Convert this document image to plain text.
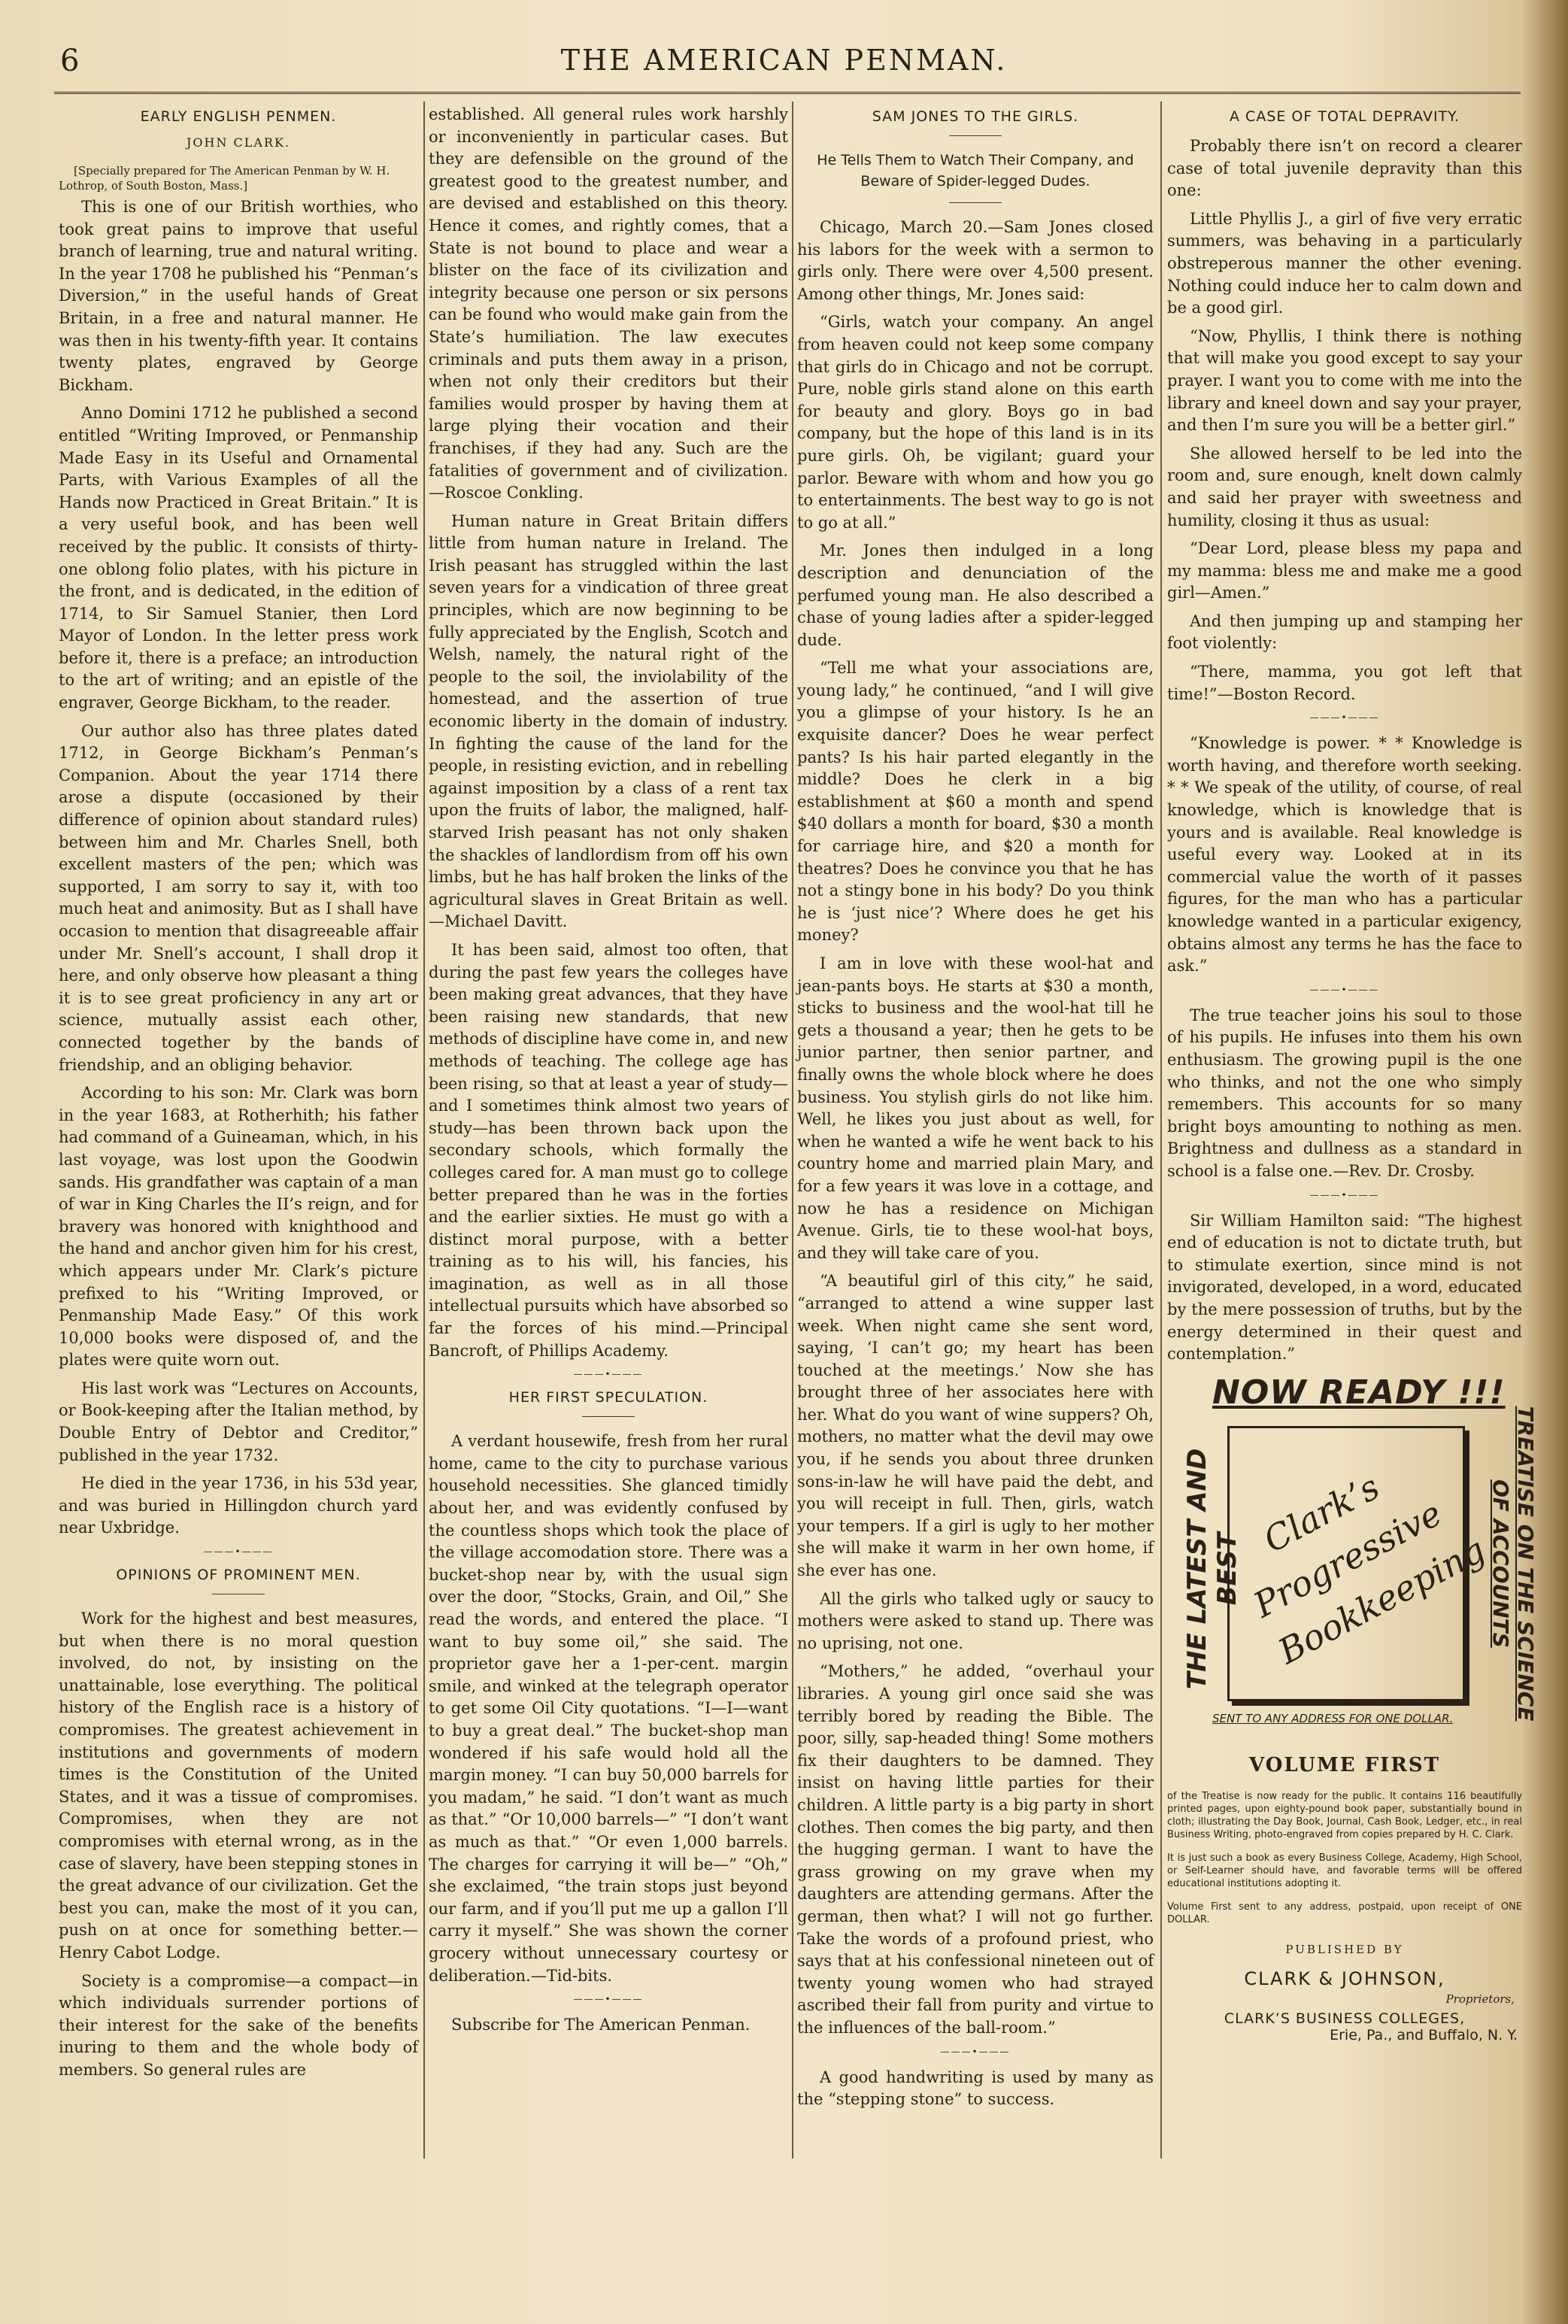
6	THE AMERICAN PENMAN.
EARLY ENGLISH PENMEN.
JOHN CLARK.

[Specially prepared for The American Penman by W. H. Lothrop, of South Boston, Mass.]

This is one of our British worthies, who took great pains to improve that useful branch of learning, true and natural writing. In the year 1708 he published his “Penman’s Diversion,” in the useful hands of Great Britain, in a free and natural manner. He was then in his twenty-fifth year. It contains twenty plates, engraved by George Bickham.

Anno Domini 1712 he published a second entitled “Writing Improved, or Penmanship Made Easy in its Useful and Ornamental Parts, with Various Examples of all the Hands now Practiced in Great Britain.” It is a very useful book, and has been well received by the public. It consists of thirty-one oblong folio plates, with his picture in the front, and is dedicated, in the edition of 1714, to Sir Samuel Stanier, then Lord Mayor of London. In the letter press work before it, there is a preface; an introduction to the art of writing; and an epistle of the engraver, George Bickham, to the reader.

Our author also has three plates dated 1712, in George Bickham’s Penman’s Companion. About the year 1714 there arose a dispute (occasioned by their difference of opinion about standard rules) between him and Mr. Charles Snell, both excellent masters of the pen; which was supported, I am sorry to say it, with too much heat and animosity. But as I shall have occasion to mention that disagreeable affair under Mr. Snell’s account, I shall drop it here, and only observe how pleasant a thing it is to see great proficiency in any art or science, mutually assist each other, connected together by the bands of friendship, and an obliging behavior.

According to his son: Mr. Clark was born in the year 1683, at Rotherhith; his father had command of a Guineaman, which, in his last voyage, was lost upon the Goodwin sands. His grandfather was captain of a man of war in King Charles the II’s reign, and for bravery was honored with knighthood and the hand and anchor given him for his crest, which appears under Mr. Clark’s picture prefixed to his “Writing Improved, or Penmanship Made Easy.” Of this work 10,000 books were disposed of, and the plates were quite worn out.

His last work was “Lectures on Accounts, or Book-keeping after the Italian method, by Double Entry of Debtor and Creditor,” published in the year 1732.

He died in the year 1736, in his 53d year, and was buried in Hillingdon church yard near Uxbridge.

———•———
OPINIONS OF PROMINENT MEN.

Work for the highest and best measures, but when there is no moral question involved, do not, by insisting on the unattainable, lose everything. The political history of the English race is a history of compromises. The greatest achievement in institutions and governments of modern times is the Constitution of the United States, and it was a tissue of compromises. Compromises, when they are not compromises with eternal wrong, as in the case of slavery, have been stepping stones in the great advance of our civilization. Get the best you can, make the most of it you can, push on at once for something better.—Henry Cabot Lodge.

Society is a compromise—a compact—in which individuals surrender portions of their interest for the sake of the benefits inuring to them and the whole body of members. So general rules are

established. All general rules work harshly or inconveniently in particular cases. But they are defensible on the ground of the greatest good to the greatest number, and are devised and established on this theory. Hence it comes, and rightly comes, that a State is not bound to place and wear a blister on the face of its civilization and integrity because one person or six persons can be found who would make gain from the State’s humiliation. The law executes criminals and puts them away in a prison, when not only their creditors but their families would prosper by having them at large plying their vocation and their franchises, if they had any. Such are the fatalities of government and of civilization.—Roscoe Conkling.

Human nature in Great Britain differs little from human nature in Ireland. The Irish peasant has struggled within the last seven years for a vindication of three great principles, which are now beginning to be fully appreciated by the English, Scotch and Welsh, namely, the natural right of the people to the soil, the inviolability of the homestead, and the assertion of true economic liberty in the domain of industry. In fighting the cause of the land for the people, in resisting eviction, and in rebelling against imposition by a class of a rent tax upon the fruits of labor, the maligned, half-starved Irish peasant has not only shaken the shackles of landlordism from off his own limbs, but he has half broken the links of the agricultural slaves in Great Britain as well.—Michael Davitt.

It has been said, almost too often, that during the past few years the colleges have been making great advances, that they have been raising new standards, that new methods of discipline have come in, and new methods of teaching. The college age has been rising, so that at least a year of study—and I sometimes think almost two years of study—has been thrown back upon the secondary schools, which formally the colleges cared for. A man must go to college better prepared than he was in the forties and the earlier sixties. He must go with a distinct moral purpose, with a better training as to his will, his fancies, his imagination, as well as in all those intellectual pursuits which have absorbed so far the forces of his mind.—Principal Bancroft, of Phillips Academy.

———•———
HER FIRST SPECULATION.

A verdant housewife, fresh from her rural home, came to the city to purchase various household necessities. She glanced timidly about her, and was evidently confused by the countless shops which took the place of the village accomodation store. There was a bucket-shop near by, with the usual sign over the door, “Stocks, Grain, and Oil,” She read the words, and entered the place. “I want to buy some oil,” she said. The proprietor gave her a 1-per-cent. margin smile, and winked at the telegraph operator to get some Oil City quotations. “I—I—want to buy a great deal.” The bucket-shop man wondered if his safe would hold all the margin money. “I can buy 50,000 barrels for you madam,” he said. “I don’t want as much as that.” “Or 10,000 barrels—” “I don’t want as much as that.” “Or even 1,000 barrels. The charges for carrying it will be—” “Oh,” she exclaimed, “the train stops just beyond our farm, and if you’ll put me up a gallon I’ll carry it myself.” She was shown the corner grocery without unnecessary courtesy or deliberation.—Tid-bits.

———•———

Subscribe for The American Penman.

SAM JONES TO THE GIRLS.
He Tells Them to Watch Their Company, and Beware of Spider-legged Dudes.

Chicago, March 20.—Sam Jones closed his labors for the week with a sermon to girls only. There were over 4,500 present. Among other things, Mr. Jones said:

“Girls, watch your company. An angel from heaven could not keep some company that girls do in Chicago and not be corrupt. Pure, noble girls stand alone on this earth for beauty and glory. Boys go in bad company, but the hope of this land is in its pure girls. Oh, be vigilant; guard your parlor. Beware with whom and how you go to entertainments. The best way to go is not to go at all.”

Mr. Jones then indulged in a long description and denunciation of the perfumed young man. He also described a chase of young ladies after a spider-legged dude.

“Tell me what your associations are, young lady,” he continued, “and I will give you a glimpse of your history. Is he an exquisite dancer? Does he wear perfect pants? Is his hair parted elegantly in the middle? Does he clerk in a big establishment at $60 a month and spend $40 dollars a month for board, $30 a month for carriage hire, and $20 a month for theatres? Does he convince you that he has not a stingy bone in his body? Do you think he is ‘just nice’? Where does he get his money?

I am in love with these wool-hat and jean-pants boys. He starts at $30 a month, sticks to business and the wool-hat till he gets a thousand a year; then he gets to be junior partner, then senior partner, and finally owns the whole block where he does business. You stylish girls do not like him. Well, he likes you just about as well, for when he wanted a wife he went back to his country home and married plain Mary, and for a few years it was love in a cottage, and now he has a residence on Michigan Avenue. Girls, tie to these wool-hat boys, and they will take care of you.

“A beautiful girl of this city,” he said, “arranged to attend a wine supper last week. When night came she sent word, saying, ‘I can’t go; my heart has been touched at the meetings.’ Now she has brought three of her associates here with her. What do you want of wine suppers? Oh, mothers, no matter what the devil may owe you, if he sends you about three drunken sons-in-law he will have paid the debt, and you will receipt in full. Then, girls, watch your tempers. If a girl is ugly to her mother she will make it warm in her own home, if she ever has one.

All the girls who talked ugly or saucy to mothers were asked to stand up. There was no uprising, not one.

“Mothers,” he added, “overhaul your libraries. A young girl once said she was terribly bored by reading the Bible. The poor, silly, sap-headed thing! Some mothers fix their daughters to be damned. They insist on having little parties for their children. A little party is a big party in short clothes. Then comes the big party, and then the hugging german. I want to have the grass growing on my grave when my daughters are attending germans. After the german, then what? I will not go further. Take the words of a profound priest, who says that at his confessional nineteen out of twenty young women who had strayed ascribed their fall from purity and virtue to the influences of the ball-room.”

———•———

A good handwriting is used by many as the “stepping stone” to success.

A CASE OF TOTAL DEPRAVITY.

Probably there isn’t on record a clearer case of total juvenile depravity than this one:

Little Phyllis J., a girl of five very erratic summers, was behaving in a particularly obstreperous manner the other evening. Nothing could induce her to calm down and be a good girl.

“Now, Phyllis, I think there is nothing that will make you good except to say your prayer. I want you to come with me into the library and kneel down and say your prayer, and then I’m sure you will be a better girl.”

She allowed herself to be led into the room and, sure enough, knelt down calmly and said her prayer with sweetness and humility, closing it thus as usual:

“Dear Lord, please bless my papa and my mamma: bless me and make me a good girl—Amen.”

And then jumping up and stamping her foot violently:

“There, mamma, you got left that time!”—Boston Record.

———•———

“Knowledge is power. * * Knowledge is worth having, and therefore worth seeking. * * We speak of the utility, of course, of real knowledge, which is knowledge that is yours and is available. Real knowledge is useful every way. Looked at in its commercial value the worth of it passes figures, for the man who has a particular knowledge wanted in a particular exigency, obtains almost any terms he has the face to ask.”

———•———

The true teacher joins his soul to those of his pupils. He infuses into them his own enthusiasm. The growing pupil is the one who thinks, and not the one who simply remembers. This accounts for so many bright boys amounting to nothing as men. Brightness and dullness as a standard in school is a false one.—Rev. Dr. Crosby.

———•———

Sir William Hamilton said: “The highest end of education is not to dictate truth, but to stimulate exertion, since mind is not invigorated, developed, in a word, educated by the mere possession of truths, but by the energy determined in their quest and contemplation.”

NOW READY !!!
THE LATEST AND BEST
Clark’s Progressive Bookkeeping	TREATISE ON THE SCIENCE OF ACCOUNTS
SENT TO ANY ADDRESS FOR ONE DOLLAR.
VOLUME FIRST
of the Treatise is now ready for the public. It contains 116 beautifully printed pages, upon eighty-pound book paper, substantially bound in cloth; illustrating the Day Book, Journal, Cash Book, Ledger, etc., in real Business Writing, photo-engraved from copies prepared by H. C. Clark.
It is just such a book as every Business College, Academy, High School, or Self-Learner should have, and favorable terms will be offered educational institutions adopting it.
Volume First sent to any address, postpaid, upon receipt of ONE DOLLAR.
PUBLISHED BY
CLARK & JOHNSON,
Proprietors,
CLARK’S BUSINESS COLLEGES,
Erie, Pa., and Buffalo, N. Y.
